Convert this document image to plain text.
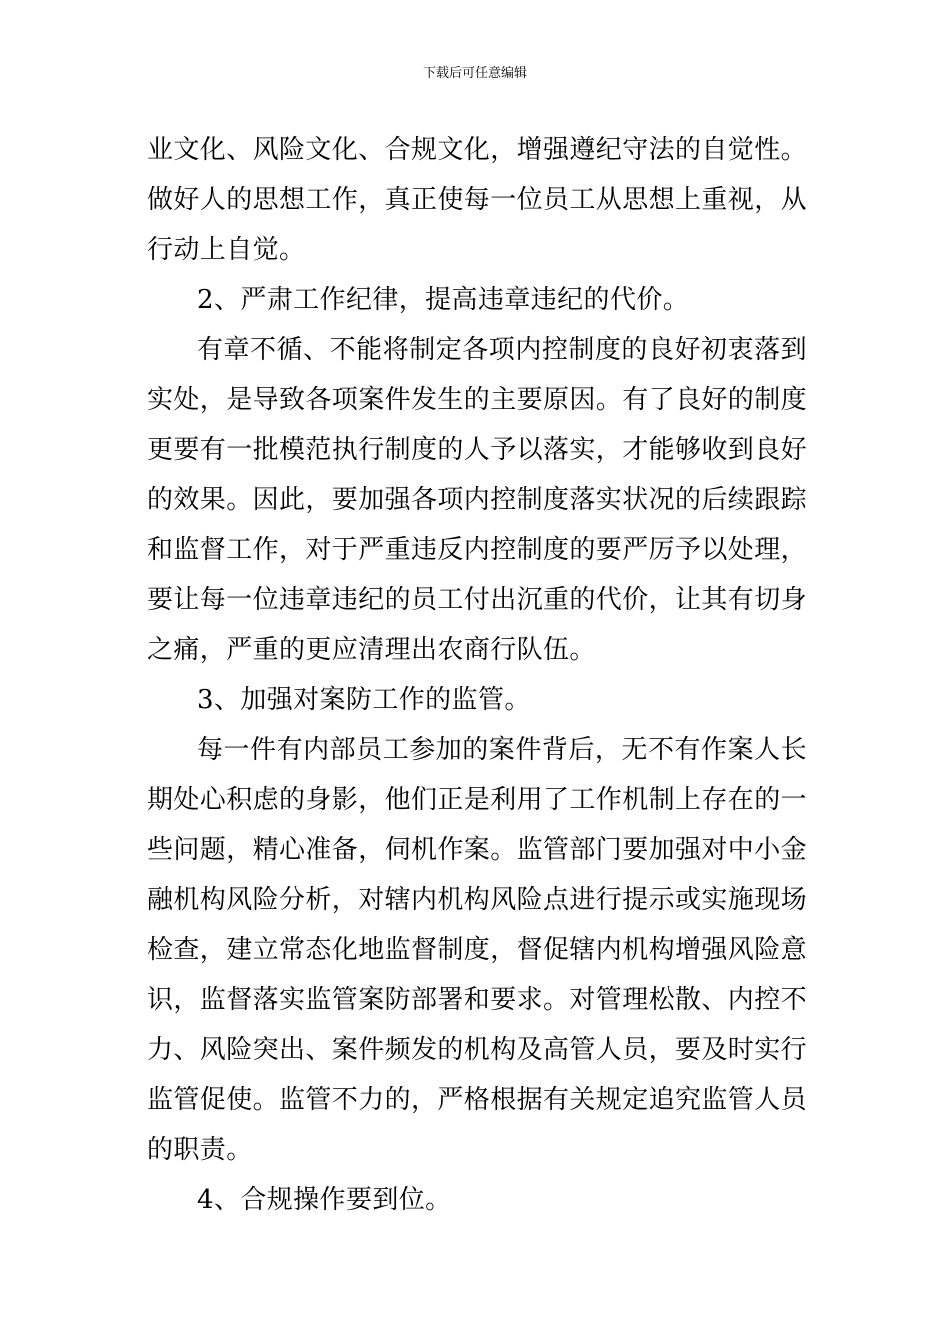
下载后可任意编辑
业文化、风险文化、合规文化，增强遵纪守法的自觉性。
做好人的思想工作，真正使每一位员工从思想上重视，从
行动上自觉。
2、严肃工作纪律，提高违章违纪的代价。
有章不循、不能将制定各项内控制度的良好初衷落到
实处，是导致各项案件发生的主要原因。有了良好的制度
更要有一批模范执行制度的人予以落实，才能够收到良好
的效果。因此，要加强各项内控制度落实状况的后续跟踪
和监督工作，对于严重违反内控制度的要严厉予以处理，
要让每一位违章违纪的员工付出沉重的代价，让其有切身
之痛，严重的更应清理出农商行队伍。
3、加强对案防工作的监管。
每一件有内部员工参加的案件背后，无不有作案人长
期处心积虑的身影，他们正是利用了工作机制上存在的一
些问题，精心准备，伺机作案。监管部门要加强对中小金
融机构风险分析，对辖内机构风险点进行提示或实施现场
检查，建立常态化地监督制度，督促辖内机构增强风险意
识，监督落实监管案防部署和要求。对管理松散、内控不
力、风险突出、案件频发的机构及高管人员，要及时实行
监管促使。监管不力的，严格根据有关规定追究监管人员
的职责。
4、合规操作要到位。
